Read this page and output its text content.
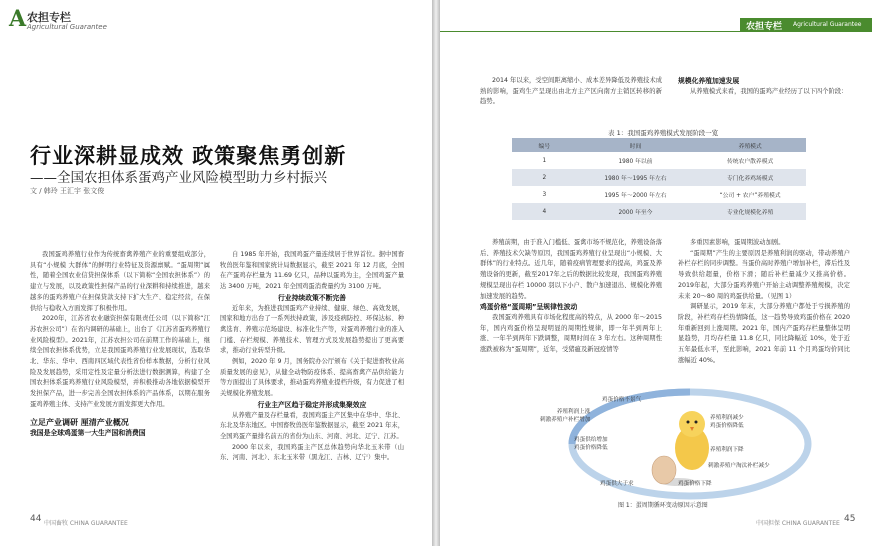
A 农担专栏
Agricultural Guarantee
行业深耕显成效 政策聚焦勇创新
——全国农担体系蛋鸡产业风险模型助力乡村振兴
文 / 韩玲 王汇宇 张文俊

我国蛋鸡养殖行业作为传统畜禽养殖产业的重要组成部分，具有“小规模 大群体”的鲜明行业特征及资源禀赋。“蛋周期”属性，随着全国农业信贷担保体系（以下简称“全国农担体系”）的建立与发展，以及政策性担保产品的行业深耕和持续推进，越来越多的蛋鸡养殖户在担保贷款支持下扩大生产、稳定经营，在保供给与稳收入方面发挥了积极作用。

2020年，江苏省农业融资担保有限责任公司（以下简称“江苏农担公司”）在省内调研的基础上，出台了《江苏省蛋鸡养殖行业风险模型》。2021年，江苏农担公司在前期工作的基础上，继续全国农担体系优势，立足我国蛋鸡养殖行业发展现状，选取华北、华东、华中、西南四区域代表性省份样本数据，分析行业风险及发展趋势，采用定性及定量分析法进行数据测算，构建了全国农担体系蛋鸡养殖行业风险模型，并积极推动各地依据模型开发担保产品，进一步完善全国农担体系的产品体系，以期在服务蛋鸡养殖主体、支持产业发展方面发挥更大作用。

立足产业调研 厘清产业概况

我国是全球鸡蛋第一大生产国和消费国

自 1985 年开始，我国鸡蛋产量连续居于世界首位。据中国畜牧兽医年鉴和国家统计局数据显示，截至 2021 年 12 月底，全国在产蛋鸡存栏量为 11.69 亿只，品种以蛋鸡为主，全国鸡蛋产量达 3400 万吨，2021 年全国鸡蛋消费量约为 3100 万吨。

行业持续政策不断完善

近年来，为推进我国蛋鸡产业持续、健康、绿色、高效发展，国家和地方出台了一系列扶持政策，涉及疫病防控、环保达标、种禽选育、养殖示范场建设、标准化生产等，对蛋鸡养殖行业的准入门槛、存栏规模、养殖技术、管理方式及发展趋势提出了更高要求，推动行业转型升级。

例如，2020 年 9 月，国务院办公厅颁布《关于促进畜牧业高质量发展的意见》，从健全动物防疫体系、提高畜禽产品供给能力等方面提出了具体要求，推动蛋鸡养殖业提档升级，有力促进了相关规模化养殖发展。

行业主产区趋于稳定并形成集聚效应

从养殖产量及存栏量看，我国鸡蛋主产区集中在华中、华北、东北及华东地区。中国畜牧兽医年鉴数据显示，截至 2021 年末，全国鸡蛋产量排名前五的省份为山东、河南、河北、辽宁、江苏。

2000 年以来，我国鸡蛋主产区总体趋势向华北玉米带（山东、河南、河北）、东北玉米带（黑龙江、吉林、辽宁）集中。

44 中国畜牧 CHINA GUARANTEE
农担专栏 Agricultural Guarantee

2014 年以来，受空间距离缩小、成本差异降低及养殖技术成熟的影响，蛋鸡生产呈现出由北方主产区向南方主销区转移的新趋势。

规模化养殖加速发展

从养殖模式来看，我国的蛋鸡产业经历了以下四个阶段：

表 1：我国蛋鸡养殖模式发展阶段一览
编号	时间	养殖模式
1	1980 年以前	传统农户散养模式
2	1980 年～1995 年左右	专门化养鸡场模式
3	1995 年～2000 年左右	“公司 + 农户”养殖模式
4	2000 年至今	专业化规模化养殖

养殖前期，由于准入门槛低、蛋禽市场不规范化，养殖设备落后、养殖技术欠缺等原因，我国蛋鸡养殖行业呈现出“小规模、大群体”的行业特点。近几年，随着疫病管理要求的提高，鸡蛋及养殖设备的更新，截至2017年之后的数据比较发现，我国蛋鸡养殖规模呈现出存栏 10000 羽以下小户、散户加速退出、规模化养殖加速发展的趋势。

鸡蛋价格“蛋周期”呈规律性波动

我国蛋鸡养殖具有市场化程度高的特点，从 2000 年～2015 年，国内鸡蛋价格呈现明显的周期性规律，即一年半到两年上涨、一年半到两年下跌调整，周期时间在 3 年左右。这种周期性涨跌被称为“蛋周期”，近年，受猪瘟及新冠疫情等

多重因素影响，蛋周期波动加剧。

“蛋周期”产生的主要原因是养殖利润的驱动，带动养殖户补栏存栏的同步调整。当蛋价高时养殖户增加补栏，滞后性及导致供给超量，价格下滑；随后补栏量减少又推高价格。2019年起，大部分蛋鸡养殖户开始主动调整养殖规模，决定未来 20～80 周的鸡蛋供给量。（见图 1）

调研显示，2019 年末，大部分养殖户都处于亏损养殖的阶段，补栏鸡存栏热情降低，这一趋势导致鸡蛋价格在 2020 年重新回到上涨周期。2021 年，国内产蛋鸡存栏量整体呈明显趋势，月均存栏量 11.8 亿只，同比降幅近 10%，处于近五年最低水平，至此影响，2021 年前 11 个月鸡蛋均价同比涨幅近 40%。

鸡蛋价格不景气
养殖利润上涨
刺激养殖户补栏增加	养殖利润减少
鸡蛋价格降低
鸡蛋供给增加
鸡蛋价格降低	养殖利润下降
刺激养殖户淘汰补栏减少
鸡蛋供大于求	鸡蛋价格下降
图 1：蛋周期循环变动原因示意图
中国担保 CHINA GUARANTEE 45
